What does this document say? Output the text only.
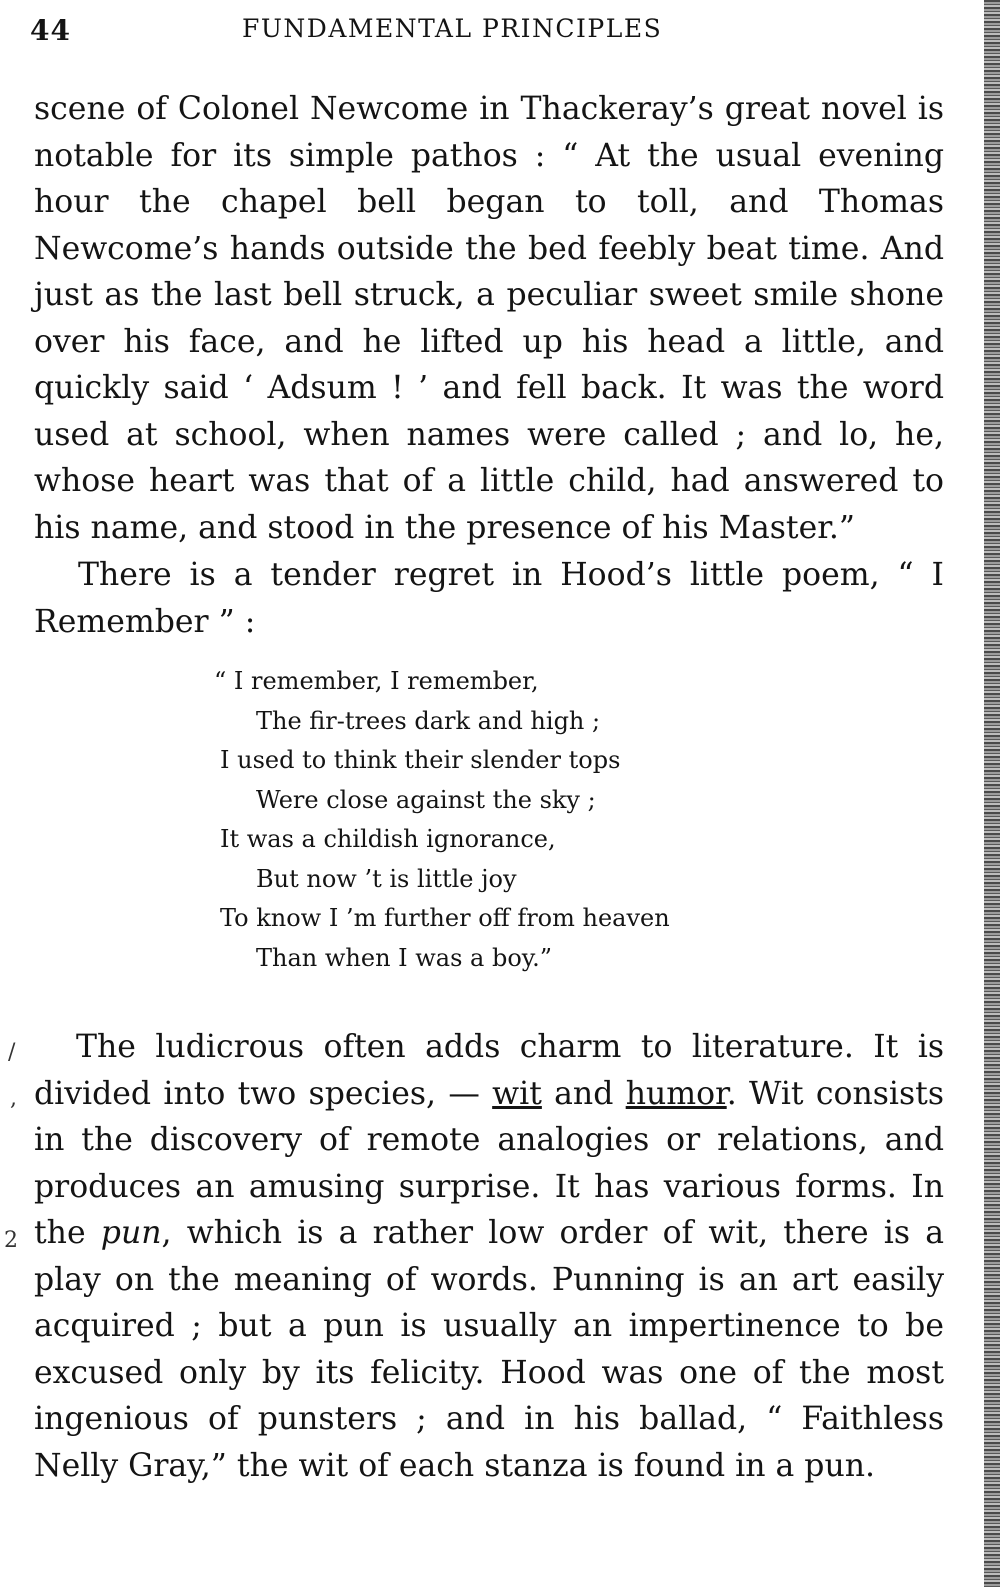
44	FUNDAMENTAL PRINCIPLES

scene of Colonel Newcome in Thackeray’s great novel is notable for its simple pathos : “ At the usual evening hour the chapel bell began to toll, and Thomas Newcome’s hands outside the bed feebly beat time. And just as the last bell struck, a peculiar sweet smile shone over his face, and he lifted up his head a little, and quickly said ‘ Adsum ! ’ and fell back. It was the word used at school, when names were called ; and lo, he, whose heart was that of a little child, had answered to his name, and stood in the presence of his Master.”

There is a tender regret in Hood’s little poem, “ I Remember ” :

“ I remember, I remember,
The fir-trees dark and high ;
I used to think their slender tops
Were close against the sky ;
It was a childish ignorance,
But now ’t is little joy
To know I ’m further off from heaven
Than when I was a boy.”

The ludicrous often adds charm to literature. It is divided into two species, — wit and humor. Wit consists in the discovery of remote analogies or relations, and produces an amusing surprise. It has various forms. In the pun, which is a rather low order of wit, there is a play on the meaning of words. Punning is an art easily acquired ; but a pun is usually an impertinence to be excused only by its felicity. Hood was one of the most ingenious of punsters ; and in his ballad, “ Faithless Nelly Gray,” the wit of each stanza is found in a pun.

/
,
2
